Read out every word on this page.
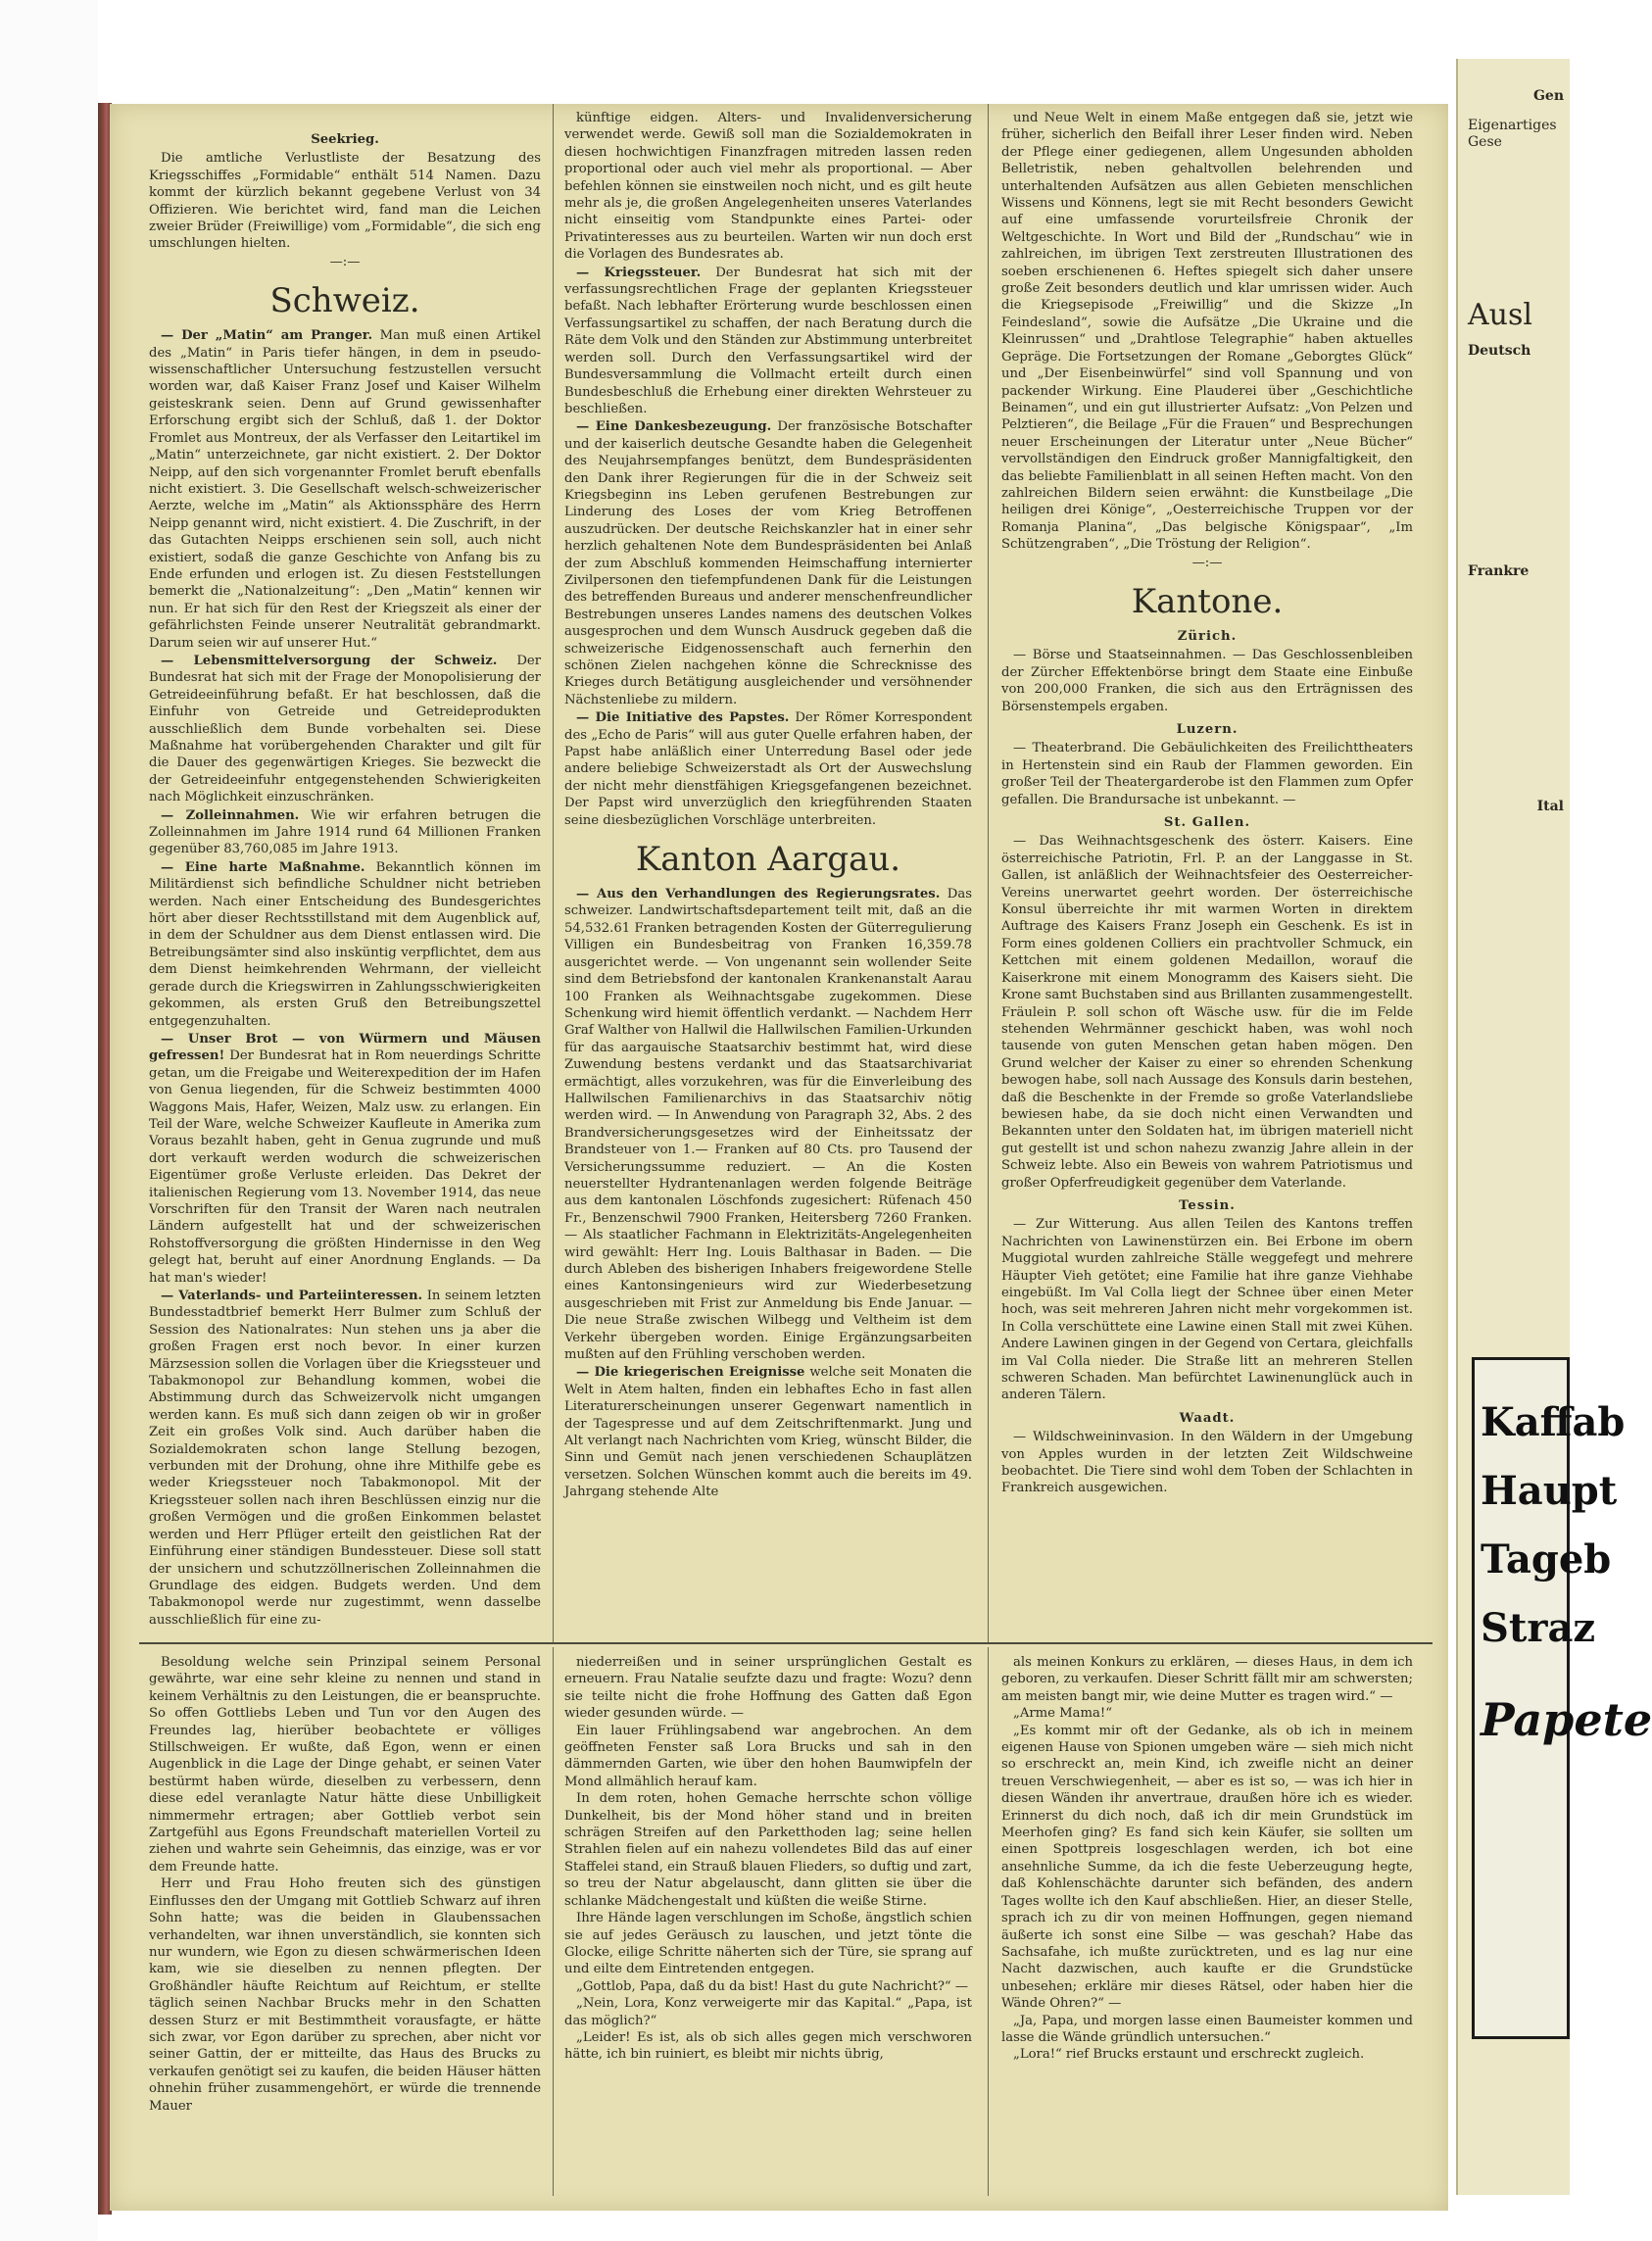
Seekrieg.

Die amtliche Verlustliste der Besatzung des Kriegsschiffes „Formidable“ enthält 514 Namen. Dazu kommt der kürzlich bekannt gegebene Verlust von 34 Offizieren. Wie berichtet wird, fand man die Leichen zweier Brüder (Freiwillige) vom „Formidable“, die sich eng umschlungen hielten.

—:—
Schweiz.

— Der „Matin“ am Pranger. Man muß einen Artikel des „Matin“ in Paris tiefer hängen, in dem in pseudo-wissenschaftlicher Untersuchung festzustellen versucht worden war, daß Kaiser Franz Josef und Kaiser Wilhelm geisteskrank seien. Denn auf Grund gewissenhafter Erforschung ergibt sich der Schluß, daß 1. der Doktor Fromlet aus Montreux, der als Verfasser den Leitartikel im „Matin“ unterzeichnete, gar nicht existiert. 2. Der Doktor Neipp, auf den sich vorgenannter Fromlet beruft ebenfalls nicht existiert. 3. Die Gesellschaft welsch-schweizerischer Aerzte, welche im „Matin“ als Aktionssphäre des Herrn Neipp genannt wird, nicht existiert. 4. Die Zuschrift, in der das Gutachten Neipps erschienen sein soll, auch nicht existiert, sodaß die ganze Geschichte von Anfang bis zu Ende erfunden und erlogen ist. Zu diesen Feststellungen bemerkt die „Nationalzeitung“: „Den „Matin“ kennen wir nun. Er hat sich für den Rest der Kriegszeit als einer der gefährlichsten Feinde unserer Neutralität gebrandmarkt. Darum seien wir auf unserer Hut.“

— Lebensmittelversorgung der Schweiz. Der Bundesrat hat sich mit der Frage der Monopolisierung der Getreideeinführung befaßt. Er hat beschlossen, daß die Einfuhr von Getreide und Getreideprodukten ausschließlich dem Bunde vorbehalten sei. Diese Maßnahme hat vorübergehenden Charakter und gilt für die Dauer des gegenwärtigen Krieges. Sie bezweckt die der Getreideeinfuhr entgegenstehenden Schwierigkeiten nach Möglichkeit einzuschränken.

— Zolleinnahmen. Wie wir erfahren betrugen die Zolleinnahmen im Jahre 1914 rund 64 Millionen Franken gegenüber 83,760,085 im Jahre 1913.

— Eine harte Maßnahme. Bekanntlich können im Militärdienst sich befindliche Schuldner nicht betrieben werden. Nach einer Entscheidung des Bundesgerichtes hört aber dieser Rechtsstillstand mit dem Augenblick auf, in dem der Schuldner aus dem Dienst entlassen wird. Die Betreibungsämter sind also insküntig verpflichtet, dem aus dem Dienst heimkehrenden Wehrmann, der vielleicht gerade durch die Kriegswirren in Zahlungsschwierigkeiten gekommen, als ersten Gruß den Betreibungszettel entgegenzuhalten.

— Unser Brot — von Würmern und Mäusen gefressen! Der Bundesrat hat in Rom neuerdings Schritte getan, um die Freigabe und Weiterexpedition der im Hafen von Genua liegenden, für die Schweiz bestimmten 4000 Waggons Mais, Hafer, Weizen, Malz usw. zu erlangen. Ein Teil der Ware, welche Schweizer Kaufleute in Amerika zum Voraus bezahlt haben, geht in Genua zugrunde und muß dort verkauft werden wodurch die schweizerischen Eigentümer große Verluste erleiden. Das Dekret der italienischen Regierung vom 13. November 1914, das neue Vorschriften für den Transit der Waren nach neutralen Ländern aufgestellt hat und der schweizerischen Rohstoffversorgung die größten Hindernisse in den Weg gelegt hat, beruht auf einer Anordnung Englands. — Da hat man's wieder!

— Vaterlands- und Parteiinteressen. In seinem letzten Bundesstadtbrief bemerkt Herr Bulmer zum Schluß der Session des Nationalrates: Nun stehen uns ja aber die großen Fragen erst noch bevor. In einer kurzen Märzsession sollen die Vorlagen über die Kriegssteuer und Tabakmonopol zur Behandlung kommen, wobei die Abstimmung durch das Schweizervolk nicht umgangen werden kann. Es muß sich dann zeigen ob wir in großer Zeit ein großes Volk sind. Auch darüber haben die Sozialdemokraten schon lange Stellung bezogen, verbunden mit der Drohung, ohne ihre Mithilfe gebe es weder Kriegssteuer noch Tabakmonopol. Mit der Kriegssteuer sollen nach ihren Beschlüssen einzig nur die großen Vermögen und die großen Einkommen belastet werden und Herr Pflüger erteilt den geistlichen Rat der Einführung einer ständigen Bundessteuer. Diese soll statt der unsichern und schutzzöllnerischen Zolleinnahmen die Grundlage des eidgen. Budgets werden. Und dem Tabakmonopol werde nur zugestimmt, wenn dasselbe ausschließlich für eine zu-

künftige eidgen. Alters- und Invalidenversicherung verwendet werde. Gewiß soll man die Sozialdemokraten in diesen hochwichtigen Finanzfragen mitreden lassen reden proportional oder auch viel mehr als proportional. — Aber befehlen können sie einstweilen noch nicht, und es gilt heute mehr als je, die großen Angelegenheiten unseres Vaterlandes nicht einseitig vom Standpunkte eines Partei- oder Privatinteresses aus zu beurteilen. Warten wir nun doch erst die Vorlagen des Bundesrates ab.

— Kriegssteuer. Der Bundesrat hat sich mit der verfassungsrechtlichen Frage der geplanten Kriegssteuer befaßt. Nach lebhafter Erörterung wurde beschlossen einen Verfassungsartikel zu schaffen, der nach Beratung durch die Räte dem Volk und den Ständen zur Abstimmung unterbreitet werden soll. Durch den Verfassungsartikel wird der Bundesversammlung die Vollmacht erteilt durch einen Bundesbeschluß die Erhebung einer direkten Wehrsteuer zu beschließen.

— Eine Dankesbezeugung. Der französische Botschafter und der kaiserlich deutsche Gesandte haben die Gelegenheit des Neujahrsempfanges benützt, dem Bundespräsidenten den Dank ihrer Regierungen für die in der Schweiz seit Kriegsbeginn ins Leben gerufenen Bestrebungen zur Linderung des Loses der vom Krieg Betroffenen auszudrücken. Der deutsche Reichskanzler hat in einer sehr herzlich gehaltenen Note dem Bundespräsidenten bei Anlaß der zum Abschluß kommenden Heimschaffung internierter Zivilpersonen den tiefempfundenen Dank für die Leistungen des betreffenden Bureaus und anderer menschenfreundlicher Bestrebungen unseres Landes namens des deutschen Volkes ausgesprochen und dem Wunsch Ausdruck gegeben daß die schweizerische Eidgenossenschaft auch fernerhin den schönen Zielen nachgehen könne die Schrecknisse des Krieges durch Betätigung ausgleichender und versöhnender Nächstenliebe zu mildern.

— Die Initiative des Papstes. Der Römer Korrespondent des „Echo de Paris“ will aus guter Quelle erfahren haben, der Papst habe anläßlich einer Unterredung Basel oder jede andere beliebige Schweizerstadt als Ort der Auswechslung der nicht mehr dienstfähigen Kriegsgefangenen bezeichnet. Der Papst wird unverzüglich den kriegführenden Staaten seine diesbezüglichen Vorschläge unterbreiten.

Kanton Aargau.

— Aus den Verhandlungen des Regierungsrates. Das schweizer. Landwirtschaftsdepartement teilt mit, daß an die 54,532.61 Franken betragenden Kosten der Güterregulierung Villigen ein Bundesbeitrag von Franken 16,359.78 ausgerichtet werde. — Von ungenannt sein wollender Seite sind dem Betriebsfond der kantonalen Krankenanstalt Aarau 100 Franken als Weihnachtsgabe zugekommen. Diese Schenkung wird hiemit öffentlich verdankt. — Nachdem Herr Graf Walther von Hallwil die Hallwilschen Familien-Urkunden für das aargauische Staatsarchiv bestimmt hat, wird diese Zuwendung bestens verdankt und das Staatsarchivariat ermächtigt, alles vorzukehren, was für die Einverleibung des Hallwilschen Familienarchivs in das Staatsarchiv nötig werden wird. — In Anwendung von Paragraph 32, Abs. 2 des Brandversicherungsgesetzes wird der Einheitssatz der Brandsteuer von 1.— Franken auf 80 Cts. pro Tausend der Versicherungssumme reduziert. — An die Kosten neuerstellter Hydrantenanlagen werden folgende Beiträge aus dem kantonalen Löschfonds zugesichert: Rüfenach 450 Fr., Benzenschwil 7900 Franken, Heitersberg 7260 Franken. — Als staatlicher Fachmann in Elektrizitäts-Angelegenheiten wird gewählt: Herr Ing. Louis Balthasar in Baden. — Die durch Ableben des bisherigen Inhabers freigewordene Stelle eines Kantonsingenieurs wird zur Wiederbesetzung ausgeschrieben mit Frist zur Anmeldung bis Ende Januar. — Die neue Straße zwischen Wilbegg und Veltheim ist dem Verkehr übergeben worden. Einige Ergänzungsarbeiten mußten auf den Frühling verschoben werden.

— Die kriegerischen Ereignisse welche seit Monaten die Welt in Atem halten, finden ein lebhaftes Echo in fast allen Literaturerscheinungen unserer Gegenwart namentlich in der Tagespresse und auf dem Zeitschriftenmarkt. Jung und Alt verlangt nach Nachrichten vom Krieg, wünscht Bilder, die Sinn und Gemüt nach jenen verschiedenen Schauplätzen versetzen. Solchen Wünschen kommt auch die bereits im 49. Jahrgang stehende Alte

und Neue Welt in einem Maße entgegen daß sie, jetzt wie früher, sicherlich den Beifall ihrer Leser finden wird. Neben der Pflege einer gediegenen, allem Ungesunden abholden Belletristik, neben gehaltvollen belehrenden und unterhaltenden Aufsätzen aus allen Gebieten menschlichen Wissens und Könnens, legt sie mit Recht besonders Gewicht auf eine umfassende vorurteilsfreie Chronik der Weltgeschichte. In Wort und Bild der „Rundschau“ wie in zahlreichen, im übrigen Text zerstreuten Illustrationen des soeben erschienenen 6. Heftes spiegelt sich daher unsere große Zeit besonders deutlich und klar umrissen wider. Auch die Kriegsepisode „Freiwillig“ und die Skizze „In Feindesland“, sowie die Aufsätze „Die Ukraine und die Kleinrussen“ und „Drahtlose Telegraphie“ haben aktuelles Gepräge. Die Fortsetzungen der Romane „Geborgtes Glück“ und „Der Eisenbeinwürfel“ sind voll Spannung und von packender Wirkung. Eine Plauderei über „Geschichtliche Beinamen“, und ein gut illustrierter Aufsatz: „Von Pelzen und Pelztieren“, die Beilage „Für die Frauen“ und Besprechungen neuer Erscheinungen der Literatur unter „Neue Bücher“ vervollständigen den Eindruck großer Mannigfaltigkeit, den das beliebte Familienblatt in all seinen Heften macht. Von den zahlreichen Bildern seien erwähnt: die Kunstbeilage „Die heiligen drei Könige“, „Oesterreichische Truppen vor der Romanja Planina“, „Das belgische Königspaar“, „Im Schützengraben“, „Die Tröstung der Religion“.

—:—
Kantone.
Zürich.

— Börse und Staatseinnahmen. — Das Geschlossenbleiben der Zürcher Effektenbörse bringt dem Staate eine Einbuße von 200,000 Franken, die sich aus den Erträgnissen des Börsenstempels ergaben.

Luzern.

— Theaterbrand. Die Gebäulichkeiten des Freilichttheaters in Hertenstein sind ein Raub der Flammen geworden. Ein großer Teil der Theatergarderobe ist den Flammen zum Opfer gefallen. Die Brandursache ist unbekannt. —

St. Gallen.

— Das Weihnachtsgeschenk des österr. Kaisers. Eine österreichische Patriotin, Frl. P. an der Langgasse in St. Gallen, ist anläßlich der Weihnachtsfeier des Oesterreicher-Vereins unerwartet geehrt worden. Der österreichische Konsul überreichte ihr mit warmen Worten in direktem Auftrage des Kaisers Franz Joseph ein Geschenk. Es ist in Form eines goldenen Colliers ein prachtvoller Schmuck, ein Kettchen mit einem goldenen Medaillon, worauf die Kaiserkrone mit einem Monogramm des Kaisers sieht. Die Krone samt Buchstaben sind aus Brillanten zusammengestellt. Fräulein P. soll schon oft Wäsche usw. für die im Felde stehenden Wehrmänner geschickt haben, was wohl noch tausende von guten Menschen getan haben mögen. Den Grund welcher der Kaiser zu einer so ehrenden Schenkung bewogen habe, soll nach Aussage des Konsuls darin bestehen, daß die Beschenkte in der Fremde so große Vaterlandsliebe bewiesen habe, da sie doch nicht einen Verwandten und Bekannten unter den Soldaten hat, im übrigen materiell nicht gut gestellt ist und schon nahezu zwanzig Jahre allein in der Schweiz lebte. Also ein Beweis von wahrem Patriotismus und großer Opferfreudigkeit gegenüber dem Vaterlande.

Tessin.

— Zur Witterung. Aus allen Teilen des Kantons treffen Nachrichten von Lawinenstürzen ein. Bei Erbone im obern Muggiotal wurden zahlreiche Ställe weggefegt und mehrere Häupter Vieh getötet; eine Familie hat ihre ganze Viehhabe eingebüßt. Im Val Colla liegt der Schnee über einen Meter hoch, was seit mehreren Jahren nicht mehr vorgekommen ist. In Colla verschüttete eine Lawine einen Stall mit zwei Kühen. Andere Lawinen gingen in der Gegend von Certara, gleichfalls im Val Colla nieder. Die Straße litt an mehreren Stellen schweren Schaden. Man befürchtet Lawinenunglück auch in anderen Tälern.

Waadt.

— Wildschweininvasion. In den Wäldern in der Umgebung von Apples wurden in der letzten Zeit Wildschweine beobachtet. Die Tiere sind wohl dem Toben der Schlachten in Frankreich ausgewichen.

Besoldung welche sein Prinzipal seinem Personal gewährte, war eine sehr kleine zu nennen und stand in keinem Verhältnis zu den Leistungen, die er beanspruchte. So offen Gottliebs Leben und Tun vor den Augen des Freundes lag, hierüber beobachtete er völliges Stillschweigen. Er wußte, daß Egon, wenn er einen Augenblick in die Lage der Dinge gehabt, er seinen Vater bestürmt haben würde, dieselben zu verbessern, denn diese edel veranlagte Natur hätte diese Unbilligkeit nimmermehr ertragen; aber Gottlieb verbot sein Zartgefühl aus Egons Freundschaft materiellen Vorteil zu ziehen und wahrte sein Geheimnis, das einzige, was er vor dem Freunde hatte.

Herr und Frau Hoho freuten sich des günstigen Einflusses den der Umgang mit Gottlieb Schwarz auf ihren Sohn hatte; was die beiden in Glaubenssachen verhandelten, war ihnen unverständlich, sie konnten sich nur wundern, wie Egon zu diesen schwärmerischen Ideen kam, wie sie dieselben zu nennen pflegten. Der Großhändler häufte Reichtum auf Reichtum, er stellte täglich seinen Nachbar Brucks mehr in den Schatten dessen Sturz er mit Bestimmtheit vorausfagte, er hätte sich zwar, vor Egon darüber zu sprechen, aber nicht vor seiner Gattin, der er mitteilte, das Haus des Brucks zu verkaufen genötigt sei zu kaufen, die beiden Häuser hätten ohnehin früher zusammengehört, er würde die trennende Mauer

niederreißen und in seiner ursprünglichen Gestalt es erneuern. Frau Natalie seufzte dazu und fragte: Wozu? denn sie teilte nicht die frohe Hoffnung des Gatten daß Egon wieder gesunden würde. —

Ein lauer Frühlingsabend war angebrochen. An dem geöffneten Fenster saß Lora Brucks und sah in den dämmernden Garten, wie über den hohen Baumwipfeln der Mond allmählich herauf kam.

In dem roten, hohen Gemache herrschte schon völlige Dunkelheit, bis der Mond höher stand und in breiten schrägen Streifen auf den Parketthoden lag; seine hellen Strahlen fielen auf ein nahezu vollendetes Bild das auf einer Staffelei stand, ein Strauß blauen Flieders, so duftig und zart, so treu der Natur abgelauscht, dann glitten sie über die schlanke Mädchengestalt und küßten die weiße Stirne.

Ihre Hände lagen verschlungen im Schoße, ängstlich schien sie auf jedes Geräusch zu lauschen, und jetzt tönte die Glocke, eilige Schritte näherten sich der Türe, sie sprang auf und eilte dem Eintretenden entgegen.

„Gottlob, Papa, daß du da bist! Hast du gute Nachricht?“ —

„Nein, Lora, Konz verweigerte mir das Kapital.“ „Papa, ist das möglich?“

„Leider! Es ist, als ob sich alles gegen mich verschworen hätte, ich bin ruiniert, es bleibt mir nichts übrig,

als meinen Konkurs zu erklären, — dieses Haus, in dem ich geboren, zu verkaufen. Dieser Schritt fällt mir am schwersten; am meisten bangt mir, wie deine Mutter es tragen wird.“ —

„Arme Mama!“

„Es kommt mir oft der Gedanke, als ob ich in meinem eigenen Hause von Spionen umgeben wäre — sieh mich nicht so erschreckt an, mein Kind, ich zweifle nicht an deiner treuen Verschwiegenheit, — aber es ist so, — was ich hier in diesen Wänden ihr anvertraue, draußen höre ich es wieder. Erinnerst du dich noch, daß ich dir mein Grundstück im Meerhofen ging? Es fand sich kein Käufer, sie sollten um einen Spottpreis losgeschlagen werden, ich bot eine ansehnliche Summe, da ich die feste Ueberzeugung hegte, daß Kohlenschächte darunter sich befänden, des andern Tages wollte ich den Kauf abschließen. Hier, an dieser Stelle, sprach ich zu dir von meinen Hoffnungen, gegen niemand äußerte ich sonst eine Silbe — was geschah? Habe das Sachsafahe, ich mußte zurücktreten, und es lag nur eine Nacht dazwischen, auch kaufte er die Grundstücke unbesehen; erkläre mir dieses Rätsel, oder haben hier die Wände Ohren?“ —

„Ja, Papa, und morgen lasse einen Baumeister kommen und lasse die Wände gründlich untersuchen.“

„Lora!“ rief Brucks erstaunt und erschreckt zugleich.

Gen
Eigenartiges Gese
Ausl
Deutsch
Frankre
Ital
Kaffab
Haupt
Tageb
Straz
Papete
